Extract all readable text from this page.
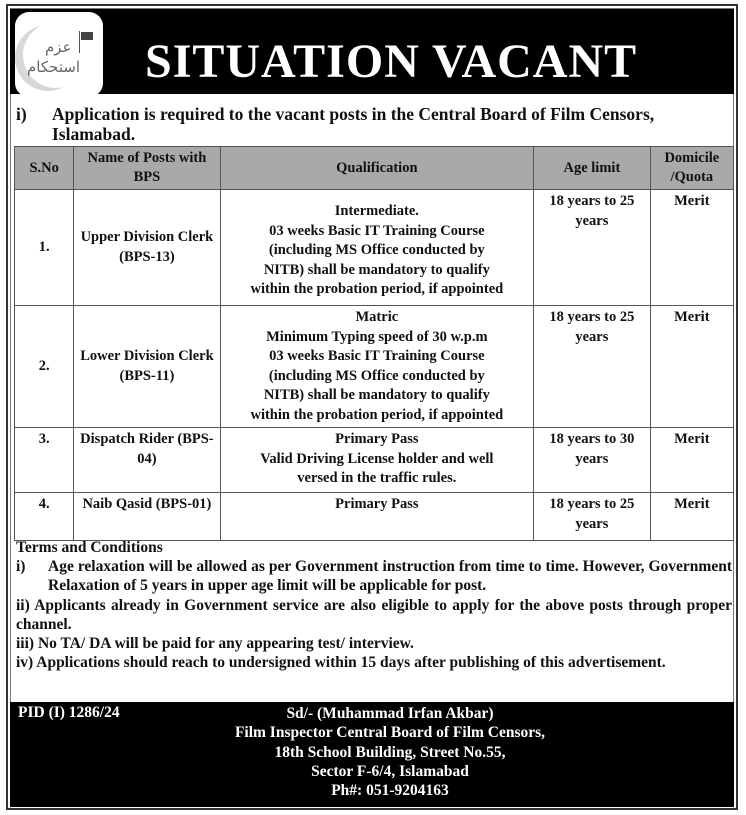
SITUATION VACANT
عزم
استحکام
i) Application is required to the vacant posts in the Central Board of Film Censors, Islamabad.
S.No	Name of Posts with BPS	Qualification	Age limit	Domicile /Quota
1.	Upper Division Clerk (BPS-13)	Intermediate.
03 weeks Basic IT Training Course
(including MS Office conducted by
NITB) shall be mandatory to qualify
within the probation period, if appointed	18 years to 25 years	Merit
2.	Lower Division Clerk (BPS-11)	
Matric
Minimum Typing speed of 30 w.p.m
03 weeks Basic IT Training Course
(including MS Office conducted by
NITB) shall be mandatory to qualify
within the probation period, if appointed
	18 years to 25 years	Merit
3.	Dispatch Rider (BPS-04)	Primary Pass
Valid Driving License holder and well
versed in the traffic rules.	18 years to 30 years	Merit
4.	Naib Qasid (BPS-01)	Primary Pass	18 years to 25 years	Merit
Terms and Conditions
i) Age relaxation will be allowed as per Government instruction from time to time. However, Government Relaxation of 5 years in upper age limit will be applicable for post.
ii) Applicants already in Government service are also eligible to apply for the above posts through proper channel.
iii) No TA/ DA will be paid for any appearing test/ interview.
iv) Applications should reach to undersigned within 15 days after publishing of this advertisement.
PID (I) 1286/24	Sd/- (Muhammad Irfan Akbar)
Film Inspector Central Board of Film Censors,
18th School Building, Street No.55,
Sector F-6/4, Islamabad
Ph#: 051-9204163
